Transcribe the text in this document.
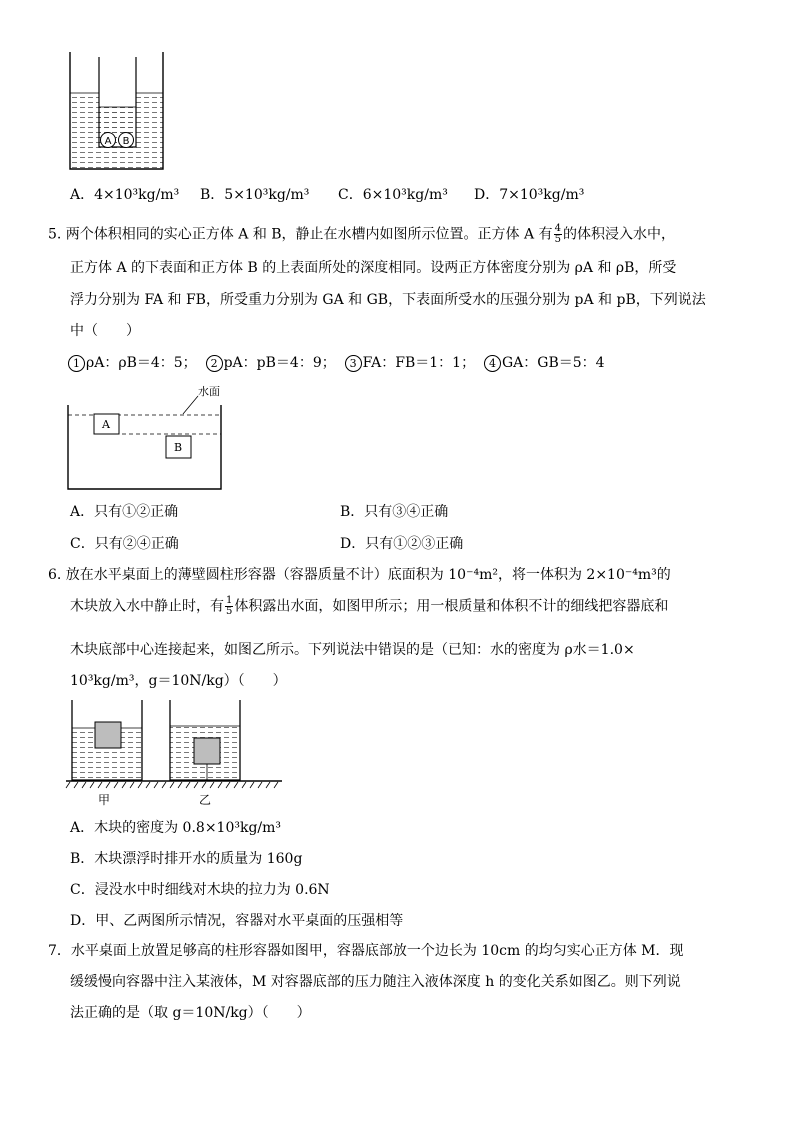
A B
A
B
水面
甲	乙
A．4×10³kg/m³ B．5×10³kg/m³ C．6×10³kg/m³ D．7×10³kg/m³
5. 两个体积相同的实心正方体 A 和 B，静止在水槽内如图所示位置。正方体 A 有 $\frac{4}{5}$ 的体积浸入水中，
正方体 A 的下表面和正方体 B 的上表面所处的深度相同。设两正方体密度分别为 ρA 和 ρB，所受
浮力分别为 FA 和 FB，所受重力分别为 GA 和 GB，下表面所受水的压强分别为 pA 和 pB，下列说法
中（　　）
1 ρA：ρB＝4：5； 2 pA：pB＝4：9； 3 FA：FB＝1：1； 4 GA：GB＝5：4
A．只有①②正确	B．只有③④正确
C．只有②④正确	D．只有①②③正确
6. 放在水平桌面上的薄壁圆柱形容器（容器质量不计）底面积为 10⁻⁴m²，将一体积为 2×10⁻⁴m³的
木块放入水中静止时，有 $\frac{1}{5}$ 体积露出水面，如图甲所示；用一根质量和体积不计的细线把容器底和
木块底部中心连接起来，如图乙所示。下列说法中错误的是（已知：水的密度为 ρ水＝1.0×
10³kg/m³，g＝10N/kg）（　　）
A．木块的密度为 0.8×10³kg/m³
B．木块漂浮时排开水的质量为 160g
C．浸没水中时细线对木块的拉力为 0.6N
D．甲、乙两图所示情况，容器对水平桌面的压强相等
7．水平桌面上放置足够高的柱形容器如图甲，容器底部放一个边长为 10cm 的均匀实心正方体 M．现
缓缓慢向容器中注入某液体，M 对容器底部的压力随注入液体深度 h 的变化关系如图乙。则下列说
法正确的是（取 g＝10N/kg）（　　）
